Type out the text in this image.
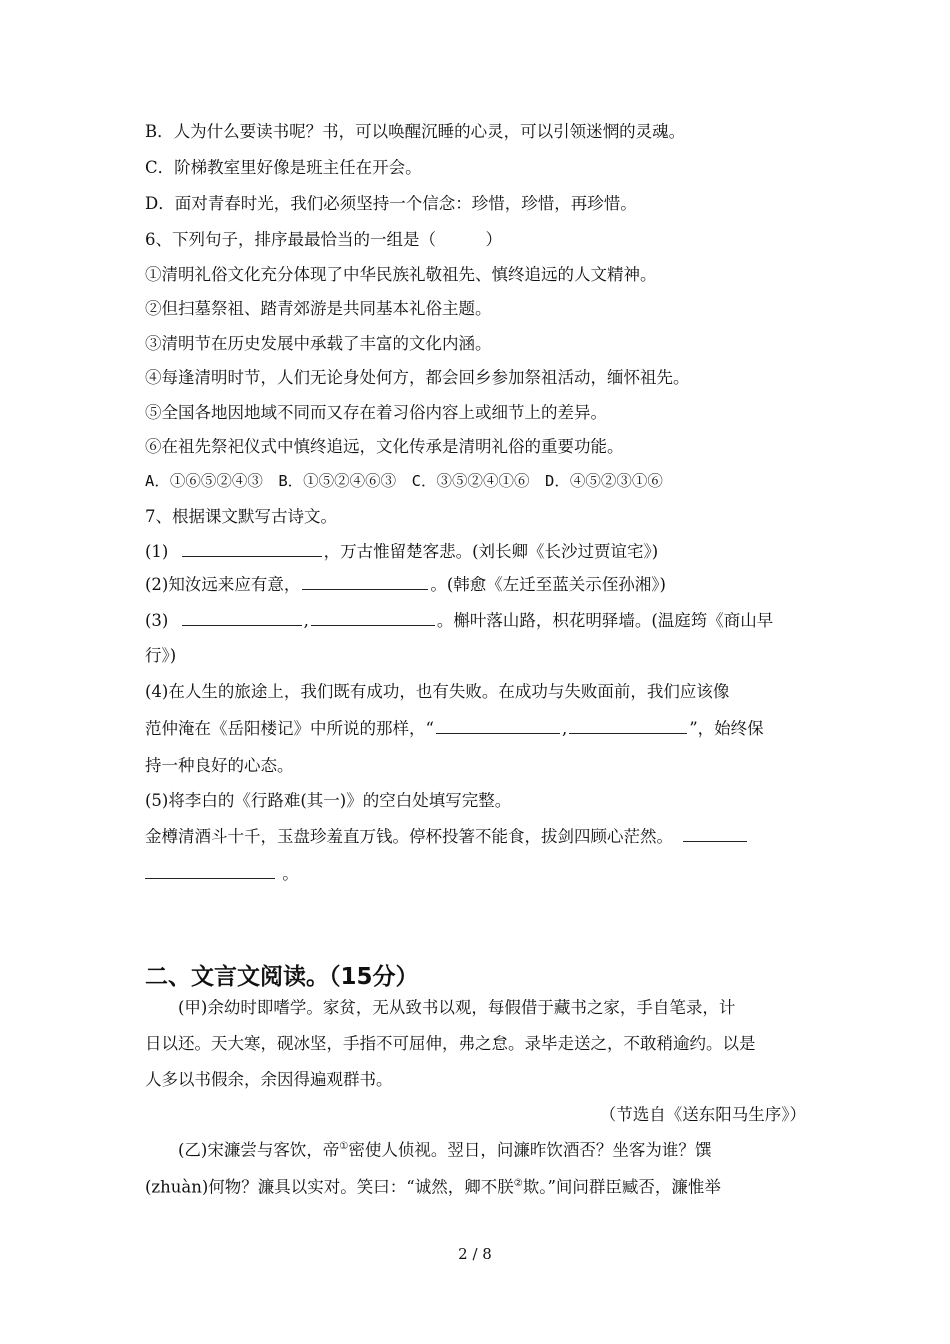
B．人为什么要读书呢？书，可以唤醒沉睡的心灵，可以引领迷惘的灵魂。
C．阶梯教室里好像是班主任在开会。
D．面对青春时光，我们必须坚持一个信念：珍惜，珍惜，再珍惜。
6、下列句子，排序最最恰当的一组是（　　　）
①清明礼俗文化充分体现了中华民族礼敬祖先、慎终追远的人文精神。
②但扫墓祭祖、踏青郊游是共同基本礼俗主题。
③清明节在历史发展中承载了丰富的文化内涵。
④每逢清明时节，人们无论身处何方，都会回乡参加祭祖活动，缅怀祖先。
⑤全国各地因地域不同而又存在着习俗内容上或细节上的差异。
⑥在祖先祭祀仪式中慎终追远，文化传承是清明礼俗的重要功能。
A．①⑥⑤②④③　B．①⑤②④⑥③　C．③⑤②④①⑥　D．④⑤②③①⑥
7、根据课文默写古诗文。
(1)	，万古惟留楚客悲。(刘长卿《长沙过贾谊宅》)
(2)知汝远来应有意，	。(韩愈《左迁至蓝关示侄孙湘》)
(3)	,	。槲叶落山路，枳花明驿墙。(温庭筠《商山早
行》)
(4)在人生的旅途上，我们既有成功，也有失败。在成功与失败面前，我们应该像
范仲淹在《岳阳楼记》中所说的那样，“	,	”，始终保
持一种良好的心态。
(5)将李白的《行路难(其一)》的空白处填写完整。
金樽清酒斗十千，玉盘珍羞直万钱。停杯投箸不能食，拔剑四顾心茫然。
。
二、文言文阅读。（15分）
(甲)余幼时即嗜学。家贫，无从致书以观，每假借于藏书之家，手自笔录，计
日以还。天大寒，砚冰坚，手指不可屈伸，弗之怠。录毕走送之，不敢稍逾约。以是
人多以书假余，余因得遍观群书。
（节选自《送东阳马生序》）
(乙)宋濂尝与客饮，帝①密使人侦视。翌日，问濂昨饮酒否？坐客为谁？馔
(zhuàn)何物？濂具以实对。笑曰：“诚然，卿不朕②欺。”间问群臣臧否，濂惟举
2 / 8
